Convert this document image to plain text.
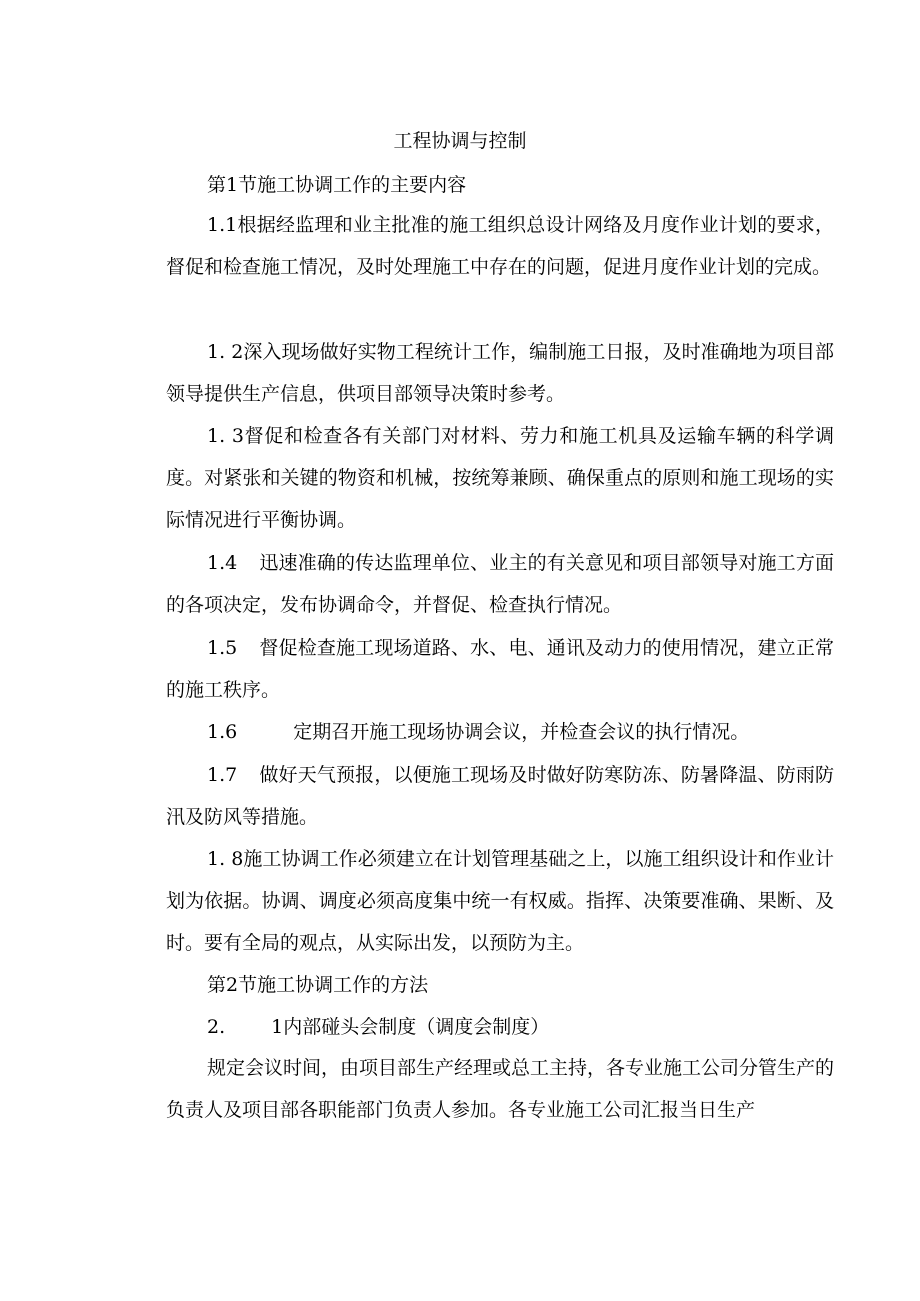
工程协调与控制
第1节施工协调工作的主要内容

1.1根据经监理和业主批准的施工组织总设计网络及月度作业计划的要求，督促和检查施工情况，及时处理施工中存在的问题，促进月度作业计划的完成。

1. 2深入现场做好实物工程统计工作，编制施工日报，及时准确地为项目部领导提供生产信息，供项目部领导决策时参考。

1. 3督促和检查各有关部门对材料、劳力和施工机具及运输车辆的科学调度。对紧张和关键的物资和机械，按统筹兼顾、确保重点的原则和施工现场的实际情况进行平衡协调。

1.4 迅速准确的传达监理单位、业主的有关意见和项目部领导对施工方面的各项决定，发布协调命令，并督促、检查执行情况。

1.5 督促检查施工现场道路、水、电、通讯及动力的使用情况，建立正常的施工秩序。

1.6	定期召开施工现场协调会议，并检查会议的执行情况。

1.7 做好天气预报，以便施工现场及时做好防寒防冻、防暑降温、防雨防汛及防风等措施。

1. 8施工协调工作必须建立在计划管理基础之上，以施工组织设计和作业计划为依据。协调、调度必须高度集中统一有权威。指挥、决策要准确、果断、及时。要有全局的观点，从实际出发，以预防为主。

第2节施工协调工作的方法
2. 1内部碰头会制度（调度会制度）

规定会议时间，由项目部生产经理或总工主持，各专业施工公司分管生产的负责人及项目部各职能部门负责人参加。各专业施工公司汇报当日生产
